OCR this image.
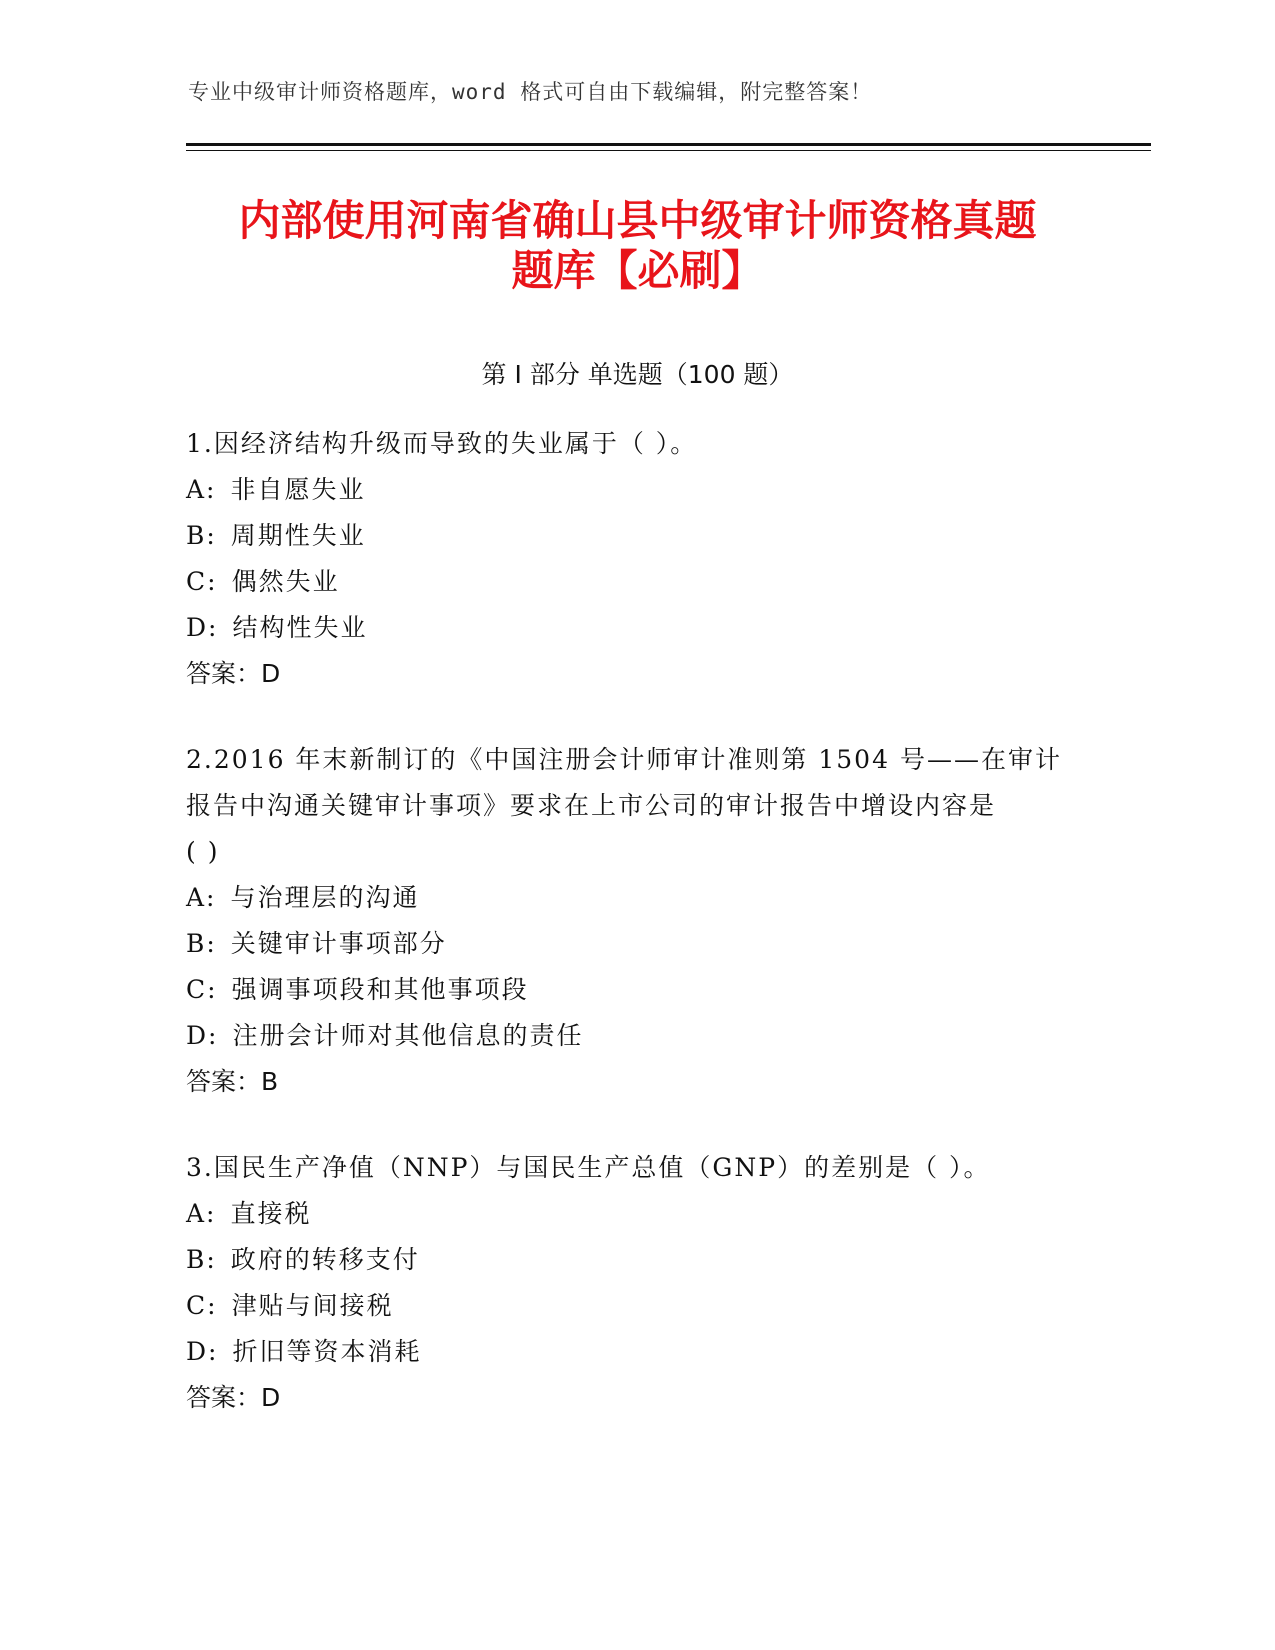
专业中级审计师资格题库，word 格式可自由下载编辑，附完整答案！
内部使用河南省确山县中级审计师资格真题
题库【必刷】
第 I 部分 单选题（100 题）
1.因经济结构升级而导致的失业属于（ ）。
A: 非自愿失业
B: 周期性失业
C: 偶然失业
D: 结构性失业
答案：D
2.2016 年末新制订的《中国注册会计师审计准则第 1504 号——在审计
报告中沟通关键审计事项》要求在上市公司的审计报告中增设内容是
( )
A: 与治理层的沟通
B: 关键审计事项部分
C: 强调事项段和其他事项段
D: 注册会计师对其他信息的责任
答案：B
3.国民生产净值（NNP）与国民生产总值（GNP）的差别是（ ）。
A: 直接税
B: 政府的转移支付
C: 津贴与间接税
D: 折旧等资本消耗
答案：D
